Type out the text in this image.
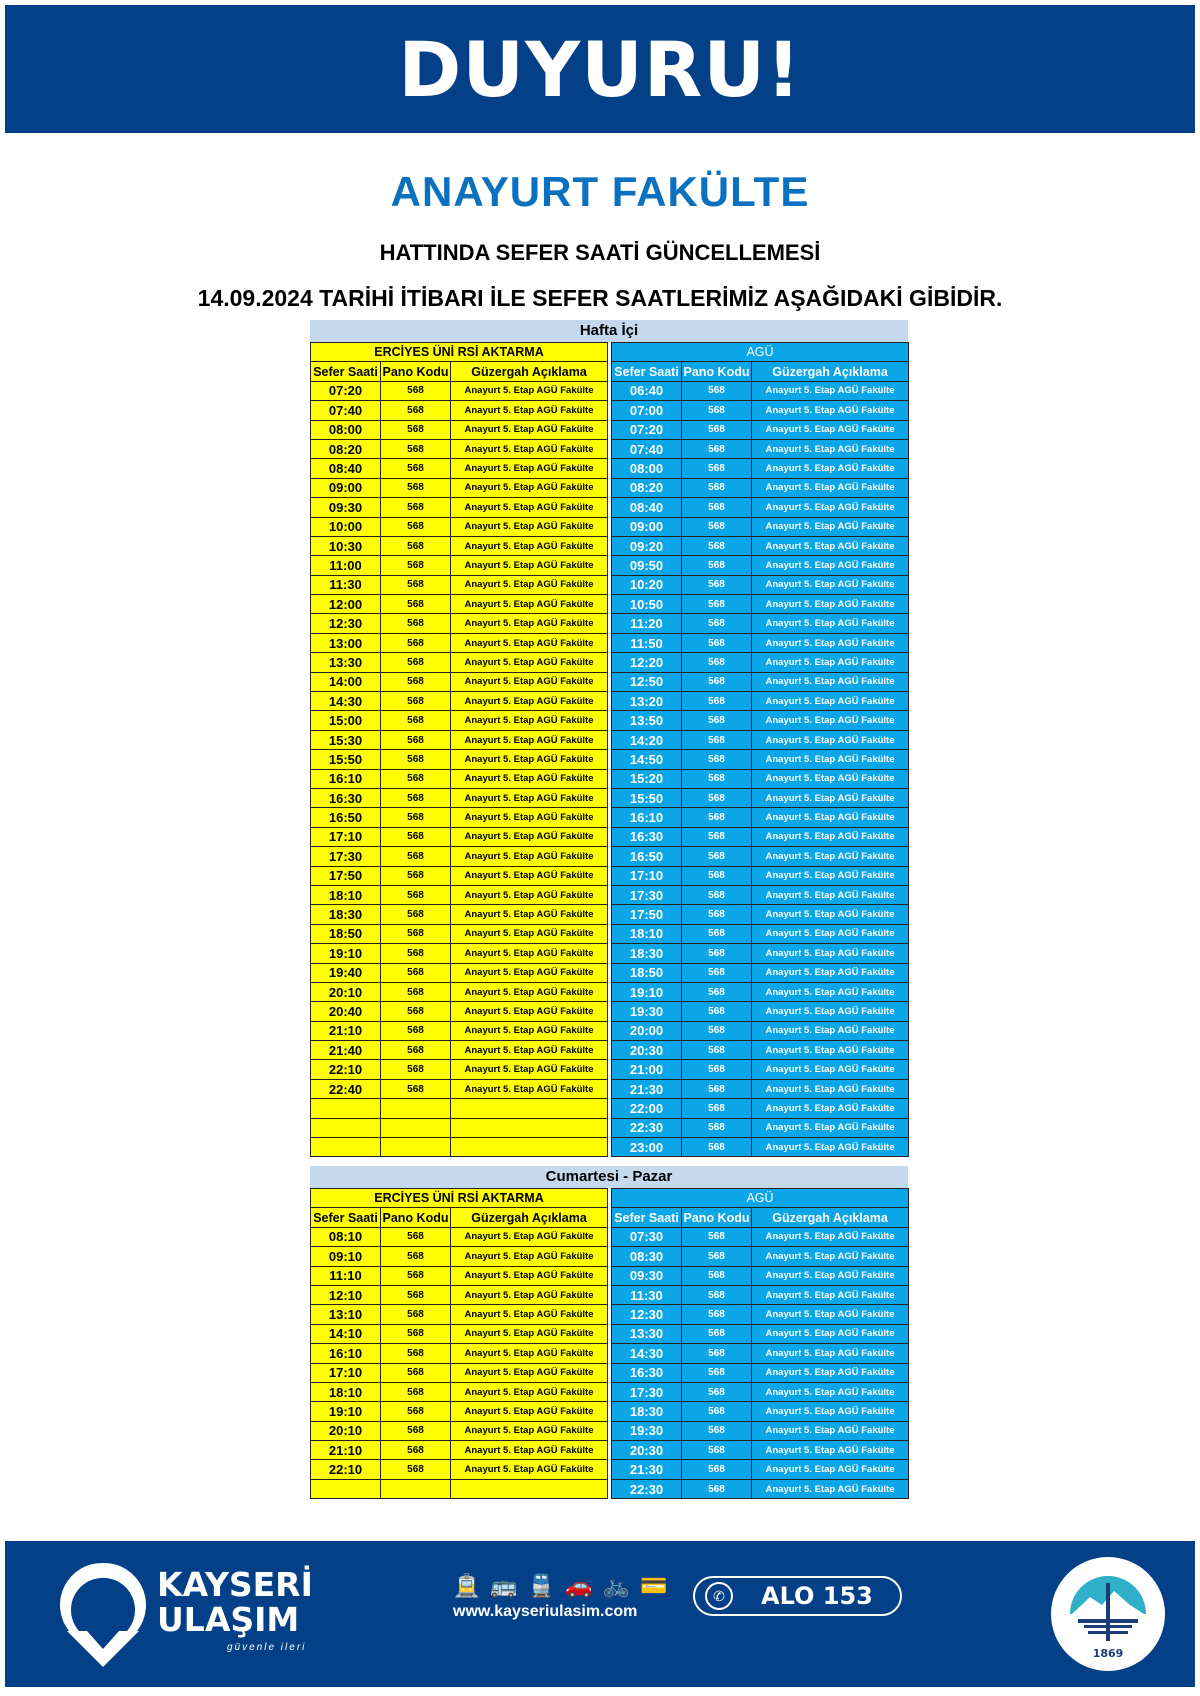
DUYURU!
ANAYURT FAKÜLTE
HATTINDA SEFER SAATİ GÜNCELLEMESİ
14.09.2024 TARİHİ İTİBARI İLE SEFER SAATLERİMİZ AŞAĞIDAKİ GİBİDİR.
Hafta İçi
ERCİYES ÜNİ RSİ AKTARMA		
Sefer Saati	Pano Kodu	Güzergah Açıklama
07:20	568	Anayurt 5. Etap AGÜ Fakülte
07:40	568	Anayurt 5. Etap AGÜ Fakülte
08:00	568	Anayurt 5. Etap AGÜ Fakülte
08:20	568	Anayurt 5. Etap AGÜ Fakülte
08:40	568	Anayurt 5. Etap AGÜ Fakülte
09:00	568	Anayurt 5. Etap AGÜ Fakülte
09:30	568	Anayurt 5. Etap AGÜ Fakülte
10:00	568	Anayurt 5. Etap AGÜ Fakülte
10:30	568	Anayurt 5. Etap AGÜ Fakülte
11:00	568	Anayurt 5. Etap AGÜ Fakülte
11:30	568	Anayurt 5. Etap AGÜ Fakülte
12:00	568	Anayurt 5. Etap AGÜ Fakülte
12:30	568	Anayurt 5. Etap AGÜ Fakülte
13:00	568	Anayurt 5. Etap AGÜ Fakülte
13:30	568	Anayurt 5. Etap AGÜ Fakülte
14:00	568	Anayurt 5. Etap AGÜ Fakülte
14:30	568	Anayurt 5. Etap AGÜ Fakülte
15:00	568	Anayurt 5. Etap AGÜ Fakülte
15:30	568	Anayurt 5. Etap AGÜ Fakülte
15:50	568	Anayurt 5. Etap AGÜ Fakülte
16:10	568	Anayurt 5. Etap AGÜ Fakülte
16:30	568	Anayurt 5. Etap AGÜ Fakülte
16:50	568	Anayurt 5. Etap AGÜ Fakülte
17:10	568	Anayurt 5. Etap AGÜ Fakülte
17:30	568	Anayurt 5. Etap AGÜ Fakülte
17:50	568	Anayurt 5. Etap AGÜ Fakülte
18:10	568	Anayurt 5. Etap AGÜ Fakülte
18:30	568	Anayurt 5. Etap AGÜ Fakülte
18:50	568	Anayurt 5. Etap AGÜ Fakülte
19:10	568	Anayurt 5. Etap AGÜ Fakülte
19:40	568	Anayurt 5. Etap AGÜ Fakülte
20:10	568	Anayurt 5. Etap AGÜ Fakülte
20:40	568	Anayurt 5. Etap AGÜ Fakülte
21:10	568	Anayurt 5. Etap AGÜ Fakülte
21:40	568	Anayurt 5. Etap AGÜ Fakülte
22:10	568	Anayurt 5. Etap AGÜ Fakülte
22:40	568	Anayurt 5. Etap AGÜ Fakülte

AGÜ		
Sefer Saati	Pano Kodu	Güzergah Açıklama
06:40	568	Anayurt 5. Etap AGÜ Fakülte
07:00	568	Anayurt 5. Etap AGÜ Fakülte
07:20	568	Anayurt 5. Etap AGÜ Fakülte
07:40	568	Anayurt 5. Etap AGÜ Fakülte
08:00	568	Anayurt 5. Etap AGÜ Fakülte
08:20	568	Anayurt 5. Etap AGÜ Fakülte
08:40	568	Anayurt 5. Etap AGÜ Fakülte
09:00	568	Anayurt 5. Etap AGÜ Fakülte
09:20	568	Anayurt 5. Etap AGÜ Fakülte
09:50	568	Anayurt 5. Etap AGÜ Fakülte
10:20	568	Anayurt 5. Etap AGÜ Fakülte
10:50	568	Anayurt 5. Etap AGÜ Fakülte
11:20	568	Anayurt 5. Etap AGÜ Fakülte
11:50	568	Anayurt 5. Etap AGÜ Fakülte
12:20	568	Anayurt 5. Etap AGÜ Fakülte
12:50	568	Anayurt 5. Etap AGÜ Fakülte
13:20	568	Anayurt 5. Etap AGÜ Fakülte
13:50	568	Anayurt 5. Etap AGÜ Fakülte
14:20	568	Anayurt 5. Etap AGÜ Fakülte
14:50	568	Anayurt 5. Etap AGÜ Fakülte
15:20	568	Anayurt 5. Etap AGÜ Fakülte
15:50	568	Anayurt 5. Etap AGÜ Fakülte
16:10	568	Anayurt 5. Etap AGÜ Fakülte
16:30	568	Anayurt 5. Etap AGÜ Fakülte
16:50	568	Anayurt 5. Etap AGÜ Fakülte
17:10	568	Anayurt 5. Etap AGÜ Fakülte
17:30	568	Anayurt 5. Etap AGÜ Fakülte
17:50	568	Anayurt 5. Etap AGÜ Fakülte
18:10	568	Anayurt 5. Etap AGÜ Fakülte
18:30	568	Anayurt 5. Etap AGÜ Fakülte
18:50	568	Anayurt 5. Etap AGÜ Fakülte
19:10	568	Anayurt 5. Etap AGÜ Fakülte
19:30	568	Anayurt 5. Etap AGÜ Fakülte
20:00	568	Anayurt 5. Etap AGÜ Fakülte
20:30	568	Anayurt 5. Etap AGÜ Fakülte
21:00	568	Anayurt 5. Etap AGÜ Fakülte
21:30	568	Anayurt 5. Etap AGÜ Fakülte
22:00	568	Anayurt 5. Etap AGÜ Fakülte
22:30	568	Anayurt 5. Etap AGÜ Fakülte
23:00	568	Anayurt 5. Etap AGÜ Fakülte
Cumartesi - Pazar
ERCİYES ÜNİ RSİ AKTARMA		
Sefer Saati	Pano Kodu	Güzergah Açıklama
08:10	568	Anayurt 5. Etap AGÜ Fakülte
09:10	568	Anayurt 5. Etap AGÜ Fakülte
11:10	568	Anayurt 5. Etap AGÜ Fakülte
12:10	568	Anayurt 5. Etap AGÜ Fakülte
13:10	568	Anayurt 5. Etap AGÜ Fakülte
14:10	568	Anayurt 5. Etap AGÜ Fakülte
16:10	568	Anayurt 5. Etap AGÜ Fakülte
17:10	568	Anayurt 5. Etap AGÜ Fakülte
18:10	568	Anayurt 5. Etap AGÜ Fakülte
19:10	568	Anayurt 5. Etap AGÜ Fakülte
20:10	568	Anayurt 5. Etap AGÜ Fakülte
21:10	568	Anayurt 5. Etap AGÜ Fakülte
22:10	568	Anayurt 5. Etap AGÜ Fakülte

AGÜ		
Sefer Saati	Pano Kodu	Güzergah Açıklama
07:30	568	Anayurt 5. Etap AGÜ Fakülte
08:30	568	Anayurt 5. Etap AGÜ Fakülte
09:30	568	Anayurt 5. Etap AGÜ Fakülte
11:30	568	Anayurt 5. Etap AGÜ Fakülte
12:30	568	Anayurt 5. Etap AGÜ Fakülte
13:30	568	Anayurt 5. Etap AGÜ Fakülte
14:30	568	Anayurt 5. Etap AGÜ Fakülte
16:30	568	Anayurt 5. Etap AGÜ Fakülte
17:30	568	Anayurt 5. Etap AGÜ Fakülte
18:30	568	Anayurt 5. Etap AGÜ Fakülte
19:30	568	Anayurt 5. Etap AGÜ Fakülte
20:30	568	Anayurt 5. Etap AGÜ Fakülte
21:30	568	Anayurt 5. Etap AGÜ Fakülte
22:30	568	Anayurt 5. Etap AGÜ Fakülte
KAYSERİ
ULAŞIM
güvenle ileri
🚊 🚌 🚆 🚗 🚲 💳
www.kayseriulasim.com
✆	ALO 153
1869
